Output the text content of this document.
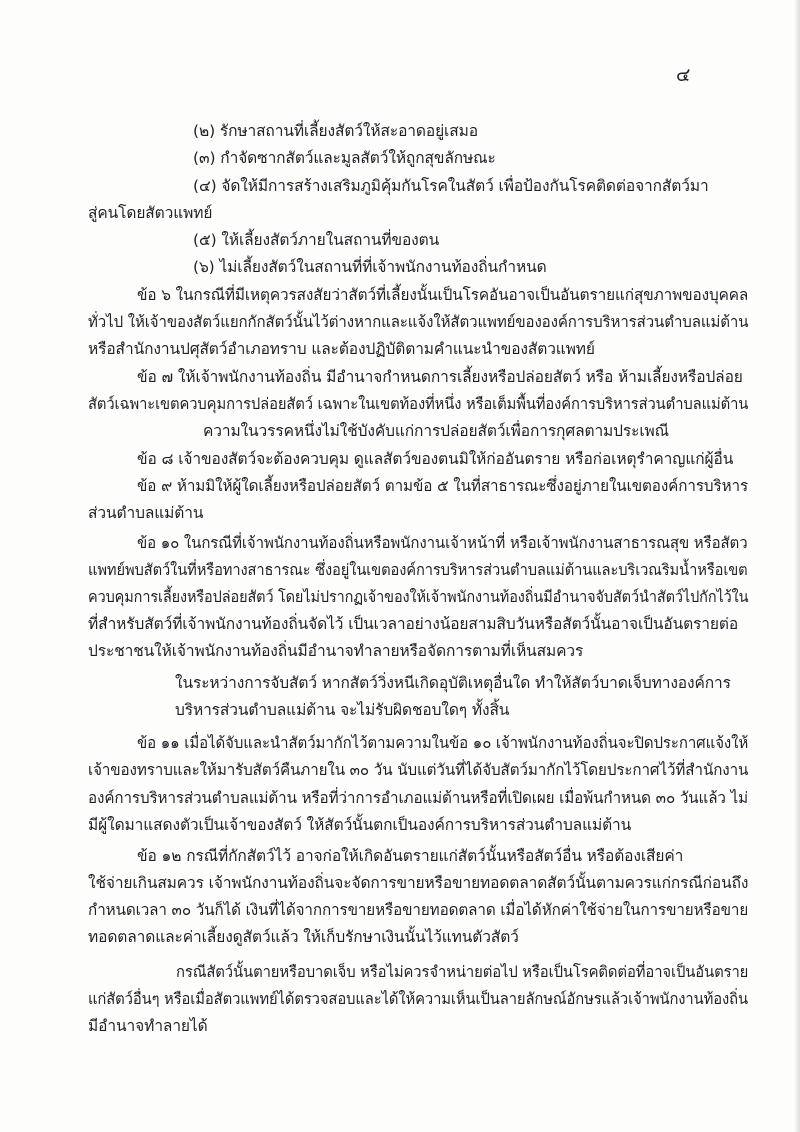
๔
(๒) รักษาสถานที่เลี้ยงสัตว์ให้สะอาดอยู่เสมอ
(๓) กำจัดซากสัตว์และมูลสัตว์ให้ถูกสุขลักษณะ
(๔) จัดให้มีการสร้างเสริมภูมิคุ้มกันโรคในสัตว์ เพื่อป้องกันโรคติดต่อจากสัตว์มา
สู่คนโดยสัตวแพทย์
(๕) ให้เลี้ยงสัตว์ภายในสถานที่ของตน
(๖) ไม่เลี้ยงสัตว์ในสถานที่ที่เจ้าพนักงานท้องถิ่นกำหนด
ข้อ ๖ ในกรณีที่มีเหตุควรสงสัยว่าสัตว์ที่เลี้ยงนั้นเป็นโรคอันอาจเป็นอันตรายแก่สุขภาพของบุคคล
ทั่วไป ให้เจ้าของสัตว์แยกกักสัตว์นั้นไว้ต่างหากและแจ้งให้สัตวแพทย์ขององค์การบริหารส่วนตำบลแม่ต้าน
หรือสำนักงานปศุสัตว์อำเภอทราบ และต้องปฏิบัติตามคำแนะนำของสัตวแพทย์
ข้อ ๗ ให้เจ้าพนักงานท้องถิ่น มีอำนาจกำหนดการเลี้ยงหรือปล่อยสัตว์ หรือ ห้ามเลี้ยงหรือปล่อย
สัตว์เฉพาะเขตควบคุมการปล่อยสัตว์ เฉพาะในเขตท้องที่หนึ่ง หรือเต็มพื้นที่องค์การบริหารส่วนตำบลแม่ต้าน
ความในวรรคหนึ่งไม่ใช้บังคับแก่การปล่อยสัตว์เพื่อการกุศลตามประเพณี
ข้อ ๘ เจ้าของสัตว์จะต้องควบคุม ดูแลสัตว์ของตนมิให้ก่ออันตราย หรือก่อเหตุรำคาญแก่ผู้อื่น
ข้อ ๙ ห้ามมิให้ผู้ใดเลี้ยงหรือปล่อยสัตว์ ตามข้อ ๕ ในที่สาธารณะซึ่งอยู่ภายในเขตองค์การบริหาร
ส่วนตำบลแม่ต้าน
ข้อ ๑๐ ในกรณีที่เจ้าพนักงานท้องถิ่นหรือพนักงานเจ้าหน้าที่ หรือเจ้าพนักงานสาธารณสุข หรือสัตว
แพทย์พบสัตว์ในที่หรือทางสาธารณะ ซึ่งอยู่ในเขตองค์การบริหารส่วนตำบลแม่ต้านและบริเวณริมน้ำหรือเขต
ควบคุมการเลี้ยงหรือปล่อยสัตว์ โดยไม่ปรากฏเจ้าของให้เจ้าพนักงานท้องถิ่นมีอำนาจจับสัตว์นำสัตว์ไปกักไว้ใน
ที่สำหรับสัตว์ที่เจ้าพนักงานท้องถิ่นจัดไว้ เป็นเวลาอย่างน้อยสามสิบวันหรือสัตว์นั้นอาจเป็นอันตรายต่อ
ประชาชนให้เจ้าพนักงานท้องถิ่นมีอำนาจทำลายหรือจัดการตามที่เห็นสมควร
ในระหว่างการจับสัตว์ หากสัตว์วิ่งหนีเกิดอุบัติเหตุอื่นใด ทำให้สัตว์บาดเจ็บทางองค์การ
บริหารส่วนตำบลแม่ต้าน จะไม่รับผิดชอบใดๆ ทั้งสิ้น
ข้อ ๑๑ เมื่อได้จับและนำสัตว์มากักไว้ตามความในข้อ ๑๐ เจ้าพนักงานท้องถิ่นจะปิดประกาศแจ้งให้
เจ้าของทราบและให้มารับสัตว์คืนภายใน ๓๐ วัน นับแต่วันที่ได้จับสัตว์มากักไว้โดยประกาศไว้ที่สำนักงาน
องค์การบริหารส่วนตำบลแม่ต้าน หรือที่ว่าการอำเภอแม่ต้านหรือที่เปิดเผย เมื่อพ้นกำหนด ๓๐ วันแล้ว ไม่
มีผู้ใดมาแสดงตัวเป็นเจ้าของสัตว์ ให้สัตว์นั้นตกเป็นองค์การบริหารส่วนตำบลแม่ต้าน
ข้อ ๑๒ กรณีที่กักสัตว์ไว้ อาจก่อให้เกิดอันตรายแก่สัตว์นั้นหรือสัตว์อื่น หรือต้องเสียค่า
ใช้จ่ายเกินสมควร เจ้าพนักงานท้องถิ่นจะจัดการขายหรือขายทอดตลาดสัตว์นั้นตามควรแก่กรณีก่อนถึง
กำหนดเวลา ๓๐ วันก็ได้ เงินที่ได้จากการขายหรือขายทอดตลาด เมื่อได้หักค่าใช้จ่ายในการขายหรือขาย
ทอดตลาดและค่าเลี้ยงดูสัตว์แล้ว ให้เก็บรักษาเงินนั้นไว้แทนตัวสัตว์
กรณีสัตว์นั้นตายหรือบาดเจ็บ หรือไม่ควรจำหน่ายต่อไป หรือเป็นโรคติดต่อที่อาจเป็นอันตราย
แก่สัตว์อื่นๆ หรือเมื่อสัตวแพทย์ได้ตรวจสอบและได้ให้ความเห็นเป็นลายลักษณ์อักษรแล้วเจ้าพนักงานท้องถิ่น
มีอำนาจทำลายได้
